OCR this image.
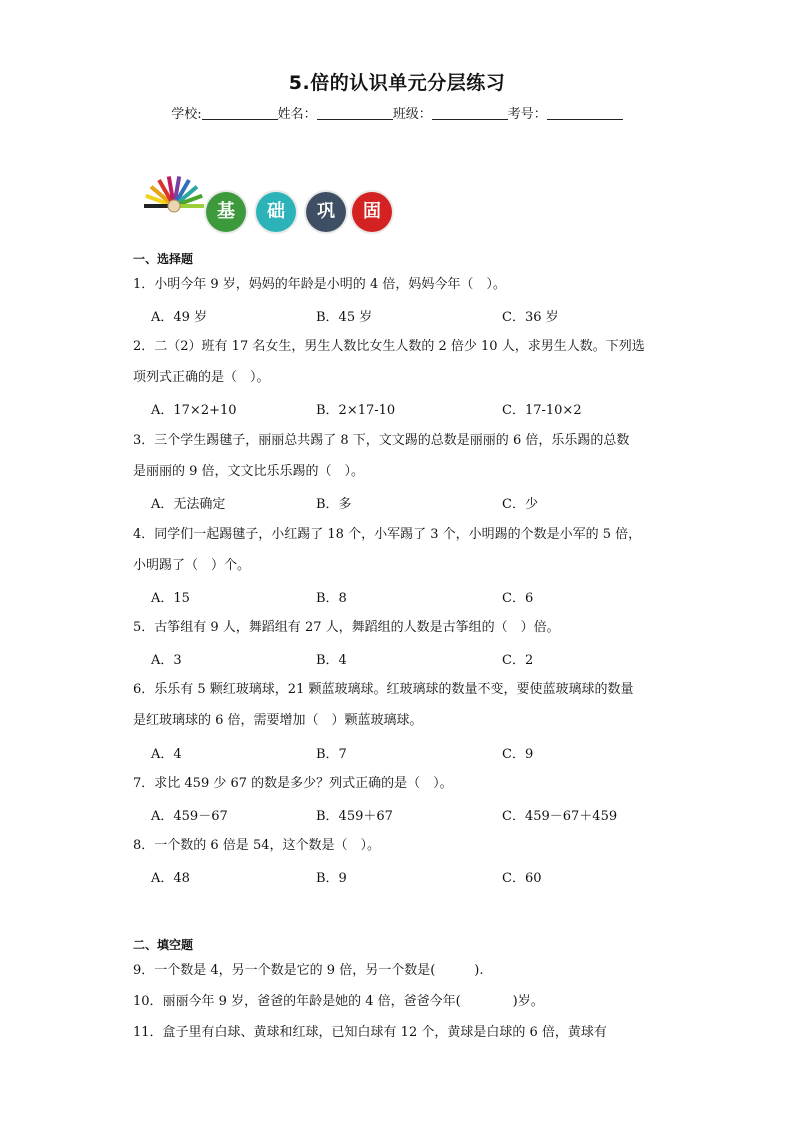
5.倍的认识单元分层练习
学校:	姓名：	班级：	考号：
基	础	巩	固
一、选择题
1．小明今年 9 岁，妈妈的年龄是小明的 4 倍，妈妈今年（　）。
A．49 岁	B．45 岁	C．36 岁
2．二（2）班有 17 名女生，男生人数比女生人数的 2 倍少 10 人，求男生人数。下列选
项列式正确的是（　）。
A．17×2+10	B．2×17-10	C．17-10×2
3．三个学生踢毽子，丽丽总共踢了 8 下，文文踢的总数是丽丽的 6 倍，乐乐踢的总数
是丽丽的 9 倍，文文比乐乐踢的（　）。
A．无法确定	B．多	C．少
4．同学们一起踢毽子，小红踢了 18 个，小军踢了 3 个，小明踢的个数是小军的 5 倍，
小明踢了（　）个。
A．15	B．8	C．6
5．古筝组有 9 人，舞蹈组有 27 人，舞蹈组的人数是古筝组的（　）倍。
A．3	B．4	C．2
6．乐乐有 5 颗红玻璃球，21 颗蓝玻璃球。红玻璃球的数量不变，要使蓝玻璃球的数量
是红玻璃球的 6 倍，需要增加（　）颗蓝玻璃球。
A．4	B．7	C．9
7．求比 459 少 67 的数是多少？列式正确的是（　）。
A．459－67	B．459＋67	C．459－67＋459
8．一个数的 6 倍是 54，这个数是（　）。
A．48	B．9	C．60
二、填空题
9．一个数是 4，另一个数是它的 9 倍，另一个数是(　　　).
10．丽丽今年 9 岁，爸爸的年龄是她的 4 倍，爸爸今年(　　　　)岁。
11．盒子里有白球、黄球和红球，已知白球有 12 个，黄球是白球的 6 倍，黄球有
